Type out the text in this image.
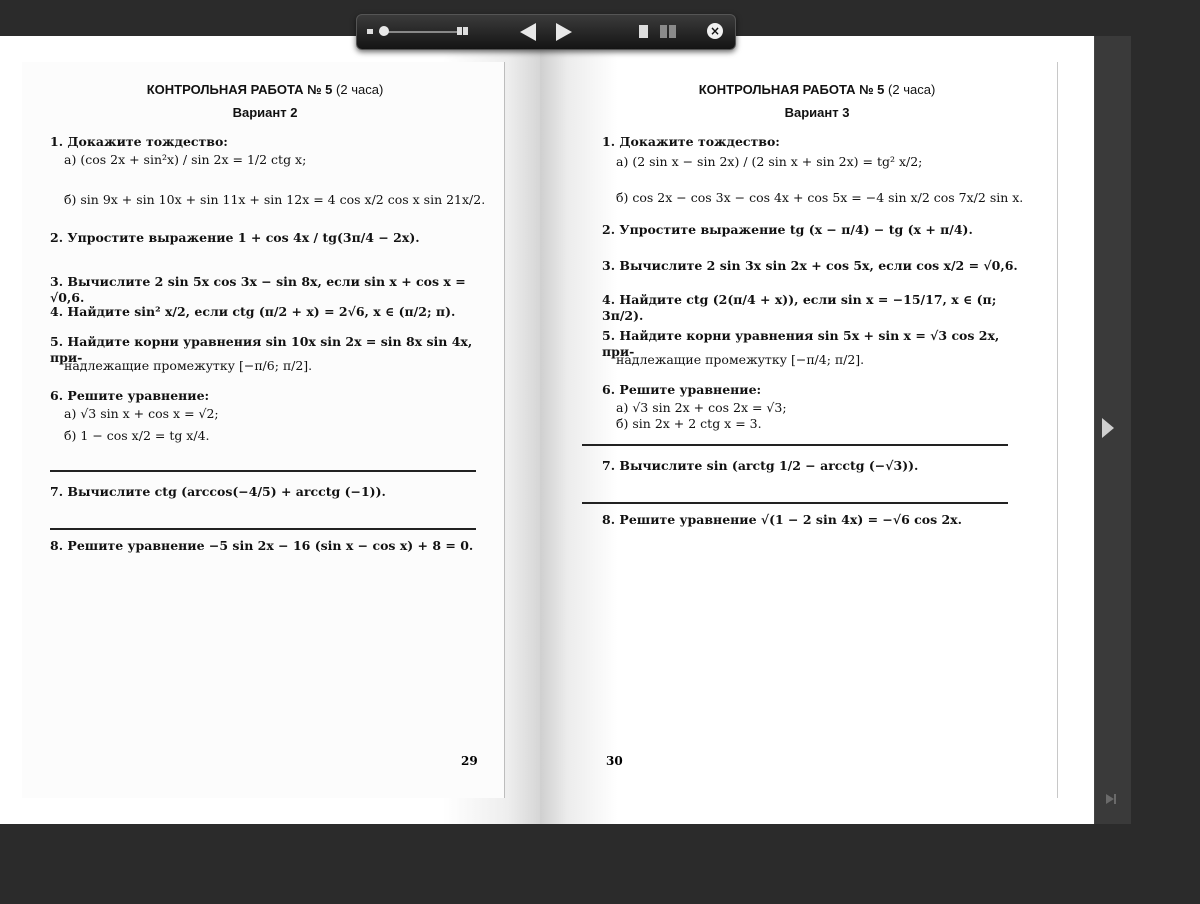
КОНТРОЛЬНАЯ РАБОТА № 5 (2 часа)
Вариант 2
1. Докажите тождество:
а) (cos 2x + sin²x) / sin 2x = 1/2 ctg x;
б) sin 9x + sin 10x + sin 11x + sin 12x = 4 cos x/2 cos x sin 21x/2.
2. Упростите выражение 1 + cos 4x / tg(3π/4 − 2x).
3. Вычислите 2 sin 5x cos 3x − sin 8x, если sin x + cos x = √0,6.
4. Найдите sin² x/2, если ctg (π/2 + x) = 2√6, x ∈ (π/2; π).
5. Найдите корни уравнения sin 10x sin 2x = sin 8x sin 4x, при-
надлежащие промежутку [−π/6; π/2].
6. Решите уравнение:
а) √3 sin x + cos x = √2;
б) 1 − cos x/2 = tg x/4.
7. Вычислите ctg (arccos(−4/5) + arcctg (−1)).
8. Решите уравнение −5 sin 2x − 16 (sin x − cos x) + 8 = 0.
29
КОНТРОЛЬНАЯ РАБОТА № 5 (2 часа)
Вариант 3
1. Докажите тождество:
а) (2 sin x − sin 2x) / (2 sin x + sin 2x) = tg² x/2;
б) cos 2x − cos 3x − cos 4x + cos 5x = −4 sin x/2 cos 7x/2 sin x.
2. Упростите выражение tg (x − π/4) − tg (x + π/4).
3. Вычислите 2 sin 3x sin 2x + cos 5x, если cos x/2 = √0,6.
4. Найдите ctg (2(π/4 + x)), если sin x = −15/17, x ∈ (π; 3π/2).
5. Найдите корни уравнения sin 5x + sin x = √3 cos 2x, при-
надлежащие промежутку [−π/4; π/2].
6. Решите уравнение:
а) √3 sin 2x + cos 2x = √3;
б) sin 2x + 2 ctg x = 3.
7. Вычислите sin (arctg 1/2 − arcctg (−√3)).
8. Решите уравнение √(1 − 2 sin 4x) = −√6 cos 2x.
30
×
